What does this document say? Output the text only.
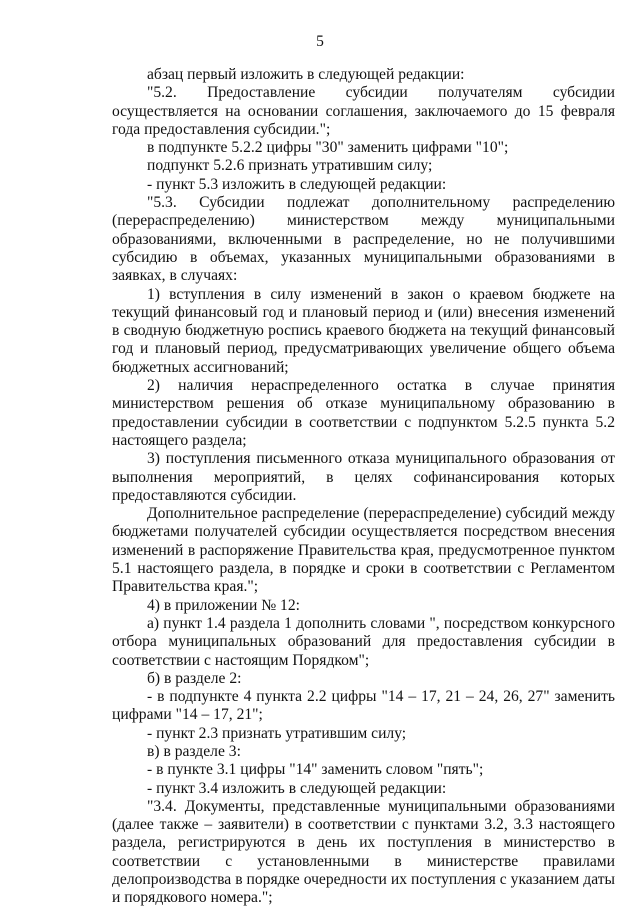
5

абзац первый изложить в следующей редакции:

"5.2. Предоставление субсидии получателям субсидии осуществляется на основании соглашения, заключаемого до 15 февраля года предоставления субсидии.";

в подпункте 5.2.2 цифры "30" заменить цифрами "10";

подпункт 5.2.6 признать утратившим силу;

- пункт 5.3 изложить в следующей редакции:

"5.3. Субсидии подлежат дополнительному распределению (перераспределению) министерством между муниципальными образованиями, включенными в распределение, но не получившими субсидию в объемах, указанных муниципальными образованиями в заявках, в случаях:

1) вступления в силу изменений в закон о краевом бюджете на текущий финансовый год и плановый период и (или) внесения изменений в сводную бюджетную роспись краевого бюджета на текущий финансовый год и плановый период, предусматривающих увеличение общего объема бюджетных ассигнований;

2) наличия нераспределенного остатка в случае принятия министерством решения об отказе муниципальному образованию в предоставлении субсидии в соответствии с подпунктом 5.2.5 пункта 5.2 настоящего раздела;

3) поступления письменного отказа муниципального образования от выполнения мероприятий, в целях софинансирования которых предоставляются субсидии.

Дополнительное распределение (перераспределение) субсидий между бюджетами получателей субсидии осуществляется посредством внесения изменений в распоряжение Правительства края, предусмотренное пунктом 5.1 настоящего раздела, в порядке и сроки в соответствии с Регламентом Правительства края.";

4) в приложении № 12:

а) пункт 1.4 раздела 1 дополнить словами ", посредством конкурсного отбора муниципальных образований для предоставления субсидии в соответствии с настоящим Порядком";

б) в разделе 2:

- в подпункте 4 пункта 2.2 цифры "14 – 17, 21 – 24, 26, 27" заменить цифрами "14 – 17, 21";

- пункт 2.3 признать утратившим силу;

в) в разделе 3:

- в пункте 3.1 цифры "14" заменить словом "пять";

- пункт 3.4 изложить в следующей редакции:

"3.4. Документы, представленные муниципальными образованиями (далее также – заявители) в соответствии с пунктами 3.2, 3.3 настоящего раздела, регистрируются в день их поступления в министерство в соответствии с установленными в министерстве правилами делопроизводства в порядке очередности их поступления с указанием даты и порядкового номера.";
